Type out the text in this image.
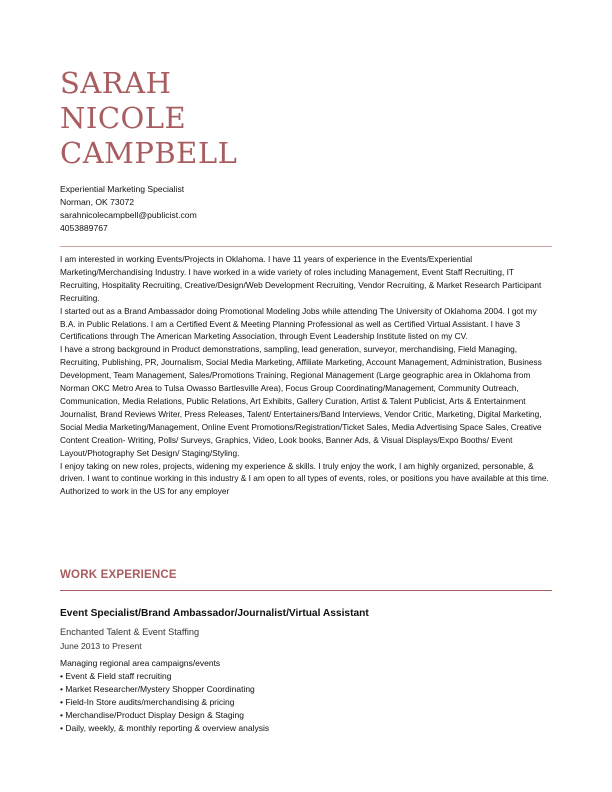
SARAH
NICOLE
CAMPBELL
Experiential Marketing Specialist
Norman, OK 73072
sarahnicolecampbell@publicist.com
4053889767

I am interested in working Events/Projects in Oklahoma. I have 11 years of experience in the Events/Experiential Marketing/Merchandising Industry. I have worked in a wide variety of roles including Management, Event Staff Recruiting, IT Recruiting, Hospitality Recruiting, Creative/Design/Web Development Recruiting, Vendor Recruiting, & Market Research Participant Recruiting.

I started out as a Brand Ambassador doing Promotional Modeling Jobs while attending The University of Oklahoma 2004. I got my B.A. in Public Relations. I am a Certified Event & Meeting Planning Professional as well as Certified Virtual Assistant. I have 3 Certifications through The American Marketing Association, through Event Leadership Institute listed on my CV.

I have a strong background in Product demonstrations, sampling, lead generation, surveyor, merchandising, Field Managing, Recruiting, Publishing, PR, Journalism, Social Media Marketing, Affiliate Marketing, Account Management, Administration, Business Development, Team Management, Sales/Promotions Training, Regional Management (Large geographic area in Oklahoma from Norman OKC Metro Area to Tulsa Owasso Bartlesville Area), Focus Group Coordinating/Management, Community Outreach, Communication, Media Relations, Public Relations, Art Exhibits, Gallery Curation, Artist & Talent Publicist, Arts & Entertainment Journalist, Brand Reviews Writer, Press Releases, Talent/ Entertainers/Band Interviews, Vendor Critic, Marketing, Digital Marketing, Social Media Marketing/Management, Online Event Promotions/Registration/Ticket Sales, Media Advertising Space Sales, Creative Content Creation- Writing, Polls/ Surveys, Graphics, Video, Look books, Banner Ads, & Visual Displays/Expo Booths/ Event Layout/Photography Set Design/ Staging/Styling.

I enjoy taking on new roles, projects, widening my experience & skills. I truly enjoy the work, I am highly organized, personable, & driven. I want to continue working in this industry & I am open to all types of events, roles, or positions you have available at this time.

Authorized to work in the US for any employer

WORK EXPERIENCE
Event Specialist/Brand Ambassador/Journalist/Virtual Assistant
Enchanted Talent & Event Staffing
June 2013 to Present
Managing regional area campaigns/events
• Event & Field staff recruiting
• Market Researcher/Mystery Shopper Coordinating
• Field-In Store audits/merchandising & pricing
• Merchandise/Product Display Design & Staging
• Daily, weekly, & monthly reporting & overview analysis
